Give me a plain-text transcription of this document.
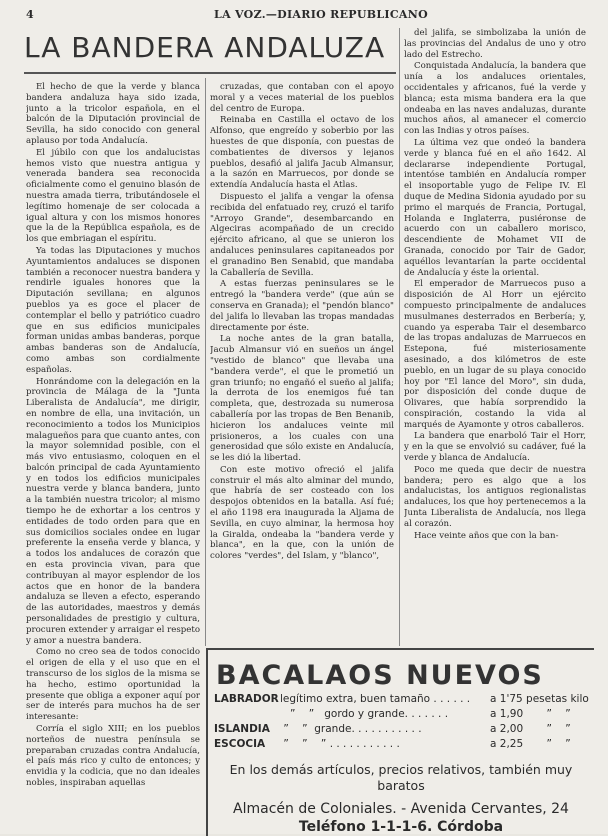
4	LA VOZ.—DIARIO REPUBLICANO
LA BANDERA ANDALUZA

El hecho de que la verde y blanca bandera andaluza haya sido izada, junto a la tricolor española, en el balcón de la Diputación provincial de Sevilla, ha sido conocido con general aplauso por toda Andalucía.

El júbilo con que los andalucistas hemos visto que nuestra antigua y venerada bandera sea reconocida oficialmente como el genuino blasón de nuestra amada tierra, tributándosele el legítimo homenaje de ser colocada a igual altura y con los mismos honores que la de la República española, es de los que embriagan el espíritu.

Ya todas las Diputaciones y muchos Ayuntamientos andaluces se disponen también a reconocer nuestra bandera y rendirle iguales honores que la Diputación sevillana; en algunos pueblos ya es goce el placer de contemplar el bello y patriótico cuadro que en sus edificios municipales forman unidas ambas banderas, porque ambas banderas son de Andalucía, como ambas son cordialmente españolas.

Honrándome con la delegación en la provincia de Málaga de la "Junta Liberalista de Andalucía", me dirigir, en nombre de ella, una invitación, un reconocimiento a todos los Municipios malagueños para que cuanto antes, con la mayor solemnidad posible, con el más vivo entusiasmo, coloquen en el balcón principal de cada Ayuntamiento y en todos los edificios municipales nuestra verde y blanca bandera, junto a la también nuestra tricolor; al mismo tiempo he de exhortar a los centros y entidades de todo orden para que en sus domicilios sociales ondee en lugar preferente la enseña verde y blanca, y a todos los andaluces de corazón que en esta provincia vivan, para que contribuyan al mayor esplendor de los actos que en honor de la bandera andaluza se lleven a efecto, esperando de las autoridades, maestros y demás personalidades de prestigio y cultura, procuren extender y arraigar el respeto y amor a nuestra bandera.

Como no creo sea de todos conocido el origen de ella y el uso que en el transcurso de los siglos de la misma se ha hecho, estimo oportunidad la presente que obliga a exponer aquí por ser de interés para muchos ha de ser interesante:

Corría el siglo XIII; en los pueblos norteños de nuestra península se preparaban cruzadas contra Andalucía, el país más rico y culto de entonces; y envidia y la codicia, que no dan ideales nobles, inspiraban aquellas

cruzadas, que contaban con el apoyo moral y a veces material de los pueblos del centro de Europa.

Reinaba en Castilla el octavo de los Alfonso, que engreído y soberbio por las huestes de que disponía, con puestas de combatientes de diversos y lejanos pueblos, desafió al jalifa Jacub Almansur, a la sazón en Marruecos, por donde se extendía Andalucía hasta el Atlas.

Dispuesto el jalifa a vengar la ofensa recibida del enfatuado rey, cruzó el tarifo "Arroyo Grande", desembarcando en Algeciras acompañado de un crecido ejército africano, al que se unieron los andaluces peninsulares capitaneados por el granadino Ben Senabid, que mandaba la Caballería de Sevilla.

A estas fuerzas peninsulares se le entregó la "bandera verde" (que aún se conserva en Granada); el "pendón blanco" del jalifa lo llevaban las tropas mandadas directamente por éste.

La noche antes de la gran batalla, Jacub Almansur vió en sueños un ángel "vestido de blanco" que llevaba una "bandera verde", el que le prometió un gran triunfo; no engañó el sueño al jalifa; la derrota de los enemigos fué tan completa, que, destrozada su numerosa caballería por las tropas de Ben Benanib, hicieron los andaluces veinte mil prisioneros, a los cuales con una generosidad que sólo existe en Andalucía, se les dió la libertad.

Con este motivo ofreció el jalifa construir el más alto alminar del mundo, que habría de ser costeado con los despojos obtenidos en la batalla. Así fué; el año 1198 era inaugurada la Aljama de Sevilla, en cuyo alminar, la hermosa hoy la Giralda, ondeaba la "bandera verde y blanca", en la que, con la unión de colores "verdes", del Islam, y "blanco",

del jalifa, se simbolizaba la unión de las provincias del Andalus de uno y otro lado del Estrecho.

Conquistada Andalucía, la bandera que unía a los andaluces orientales, occidentales y africanos, fué la verde y blanca; esta misma bandera era la que ondeaba en las naves andaluzas, durante muchos años, al amanecer el comercio con las Indias y otros países.

La última vez que ondeó la bandera verde y blanca fué en el año 1642. Al declararse independiente Portugal, intentóse también en Andalucía romper el insoportable yugo de Felipe IV. El duque de Medina Sidonia ayudado por su primo el marqués de Francia, Portugal, Holanda e Inglaterra, pusiéronse de acuerdo con un caballero morisco, descendiente de Mohamet VII de Granada, conocido por Tair de Gador, aquéllos levantarían la parte occidental de Andalucía y éste la oriental.

El emperador de Marruecos puso a disposición de Al Horr un ejército compuesto principalmente de andaluces musulmanes desterrados en Berbería; y, cuando ya esperaba Tair el desembarco de las tropas andaluzas de Marruecos en Estepona, fué misteriosamente asesinado, a dos kilómetros de este pueblo, en un lugar de su playa conocido hoy por "El lance del Moro", sin duda, por disposición del conde duque de Olivares, que había sorprendido la conspiración, costando la vida al marqués de Ayamonte y otros caballeros.

La bandera que enarboló Tair el Horr, y en la que se envolvió su cadáver, fué la verde y blanca de Andalucía.

Poco me queda que decir de nuestra bandera; pero es algo que a los andalucistas, los antiguos regionalistas andaluces, los que hoy pertenecemos a la Junta Liberalista de Andalucía, nos llega al corazón.

Hace veinte años que con la ban-

BACALAOS NUEVOS
LABRADOR legítimo extra, buen tamaño . . . . . .	a 1'75 pesetas kilo

”    ”   gordo y grande. . . . . . .	a 1,90       ”    ”
ISLANDIA ”    ”  grande. . . . . . . . . . .	a 2,00       ”    ”
ESCOCIA	”    ”    ” . . . . . . . . . . .	a 2,25       ”    ”
En los demás artículos, precios relativos, también muy baratos
Almacén de Coloniales. - Avenida Cervantes, 24
Teléfono 1-1-1-6. Córdoba
